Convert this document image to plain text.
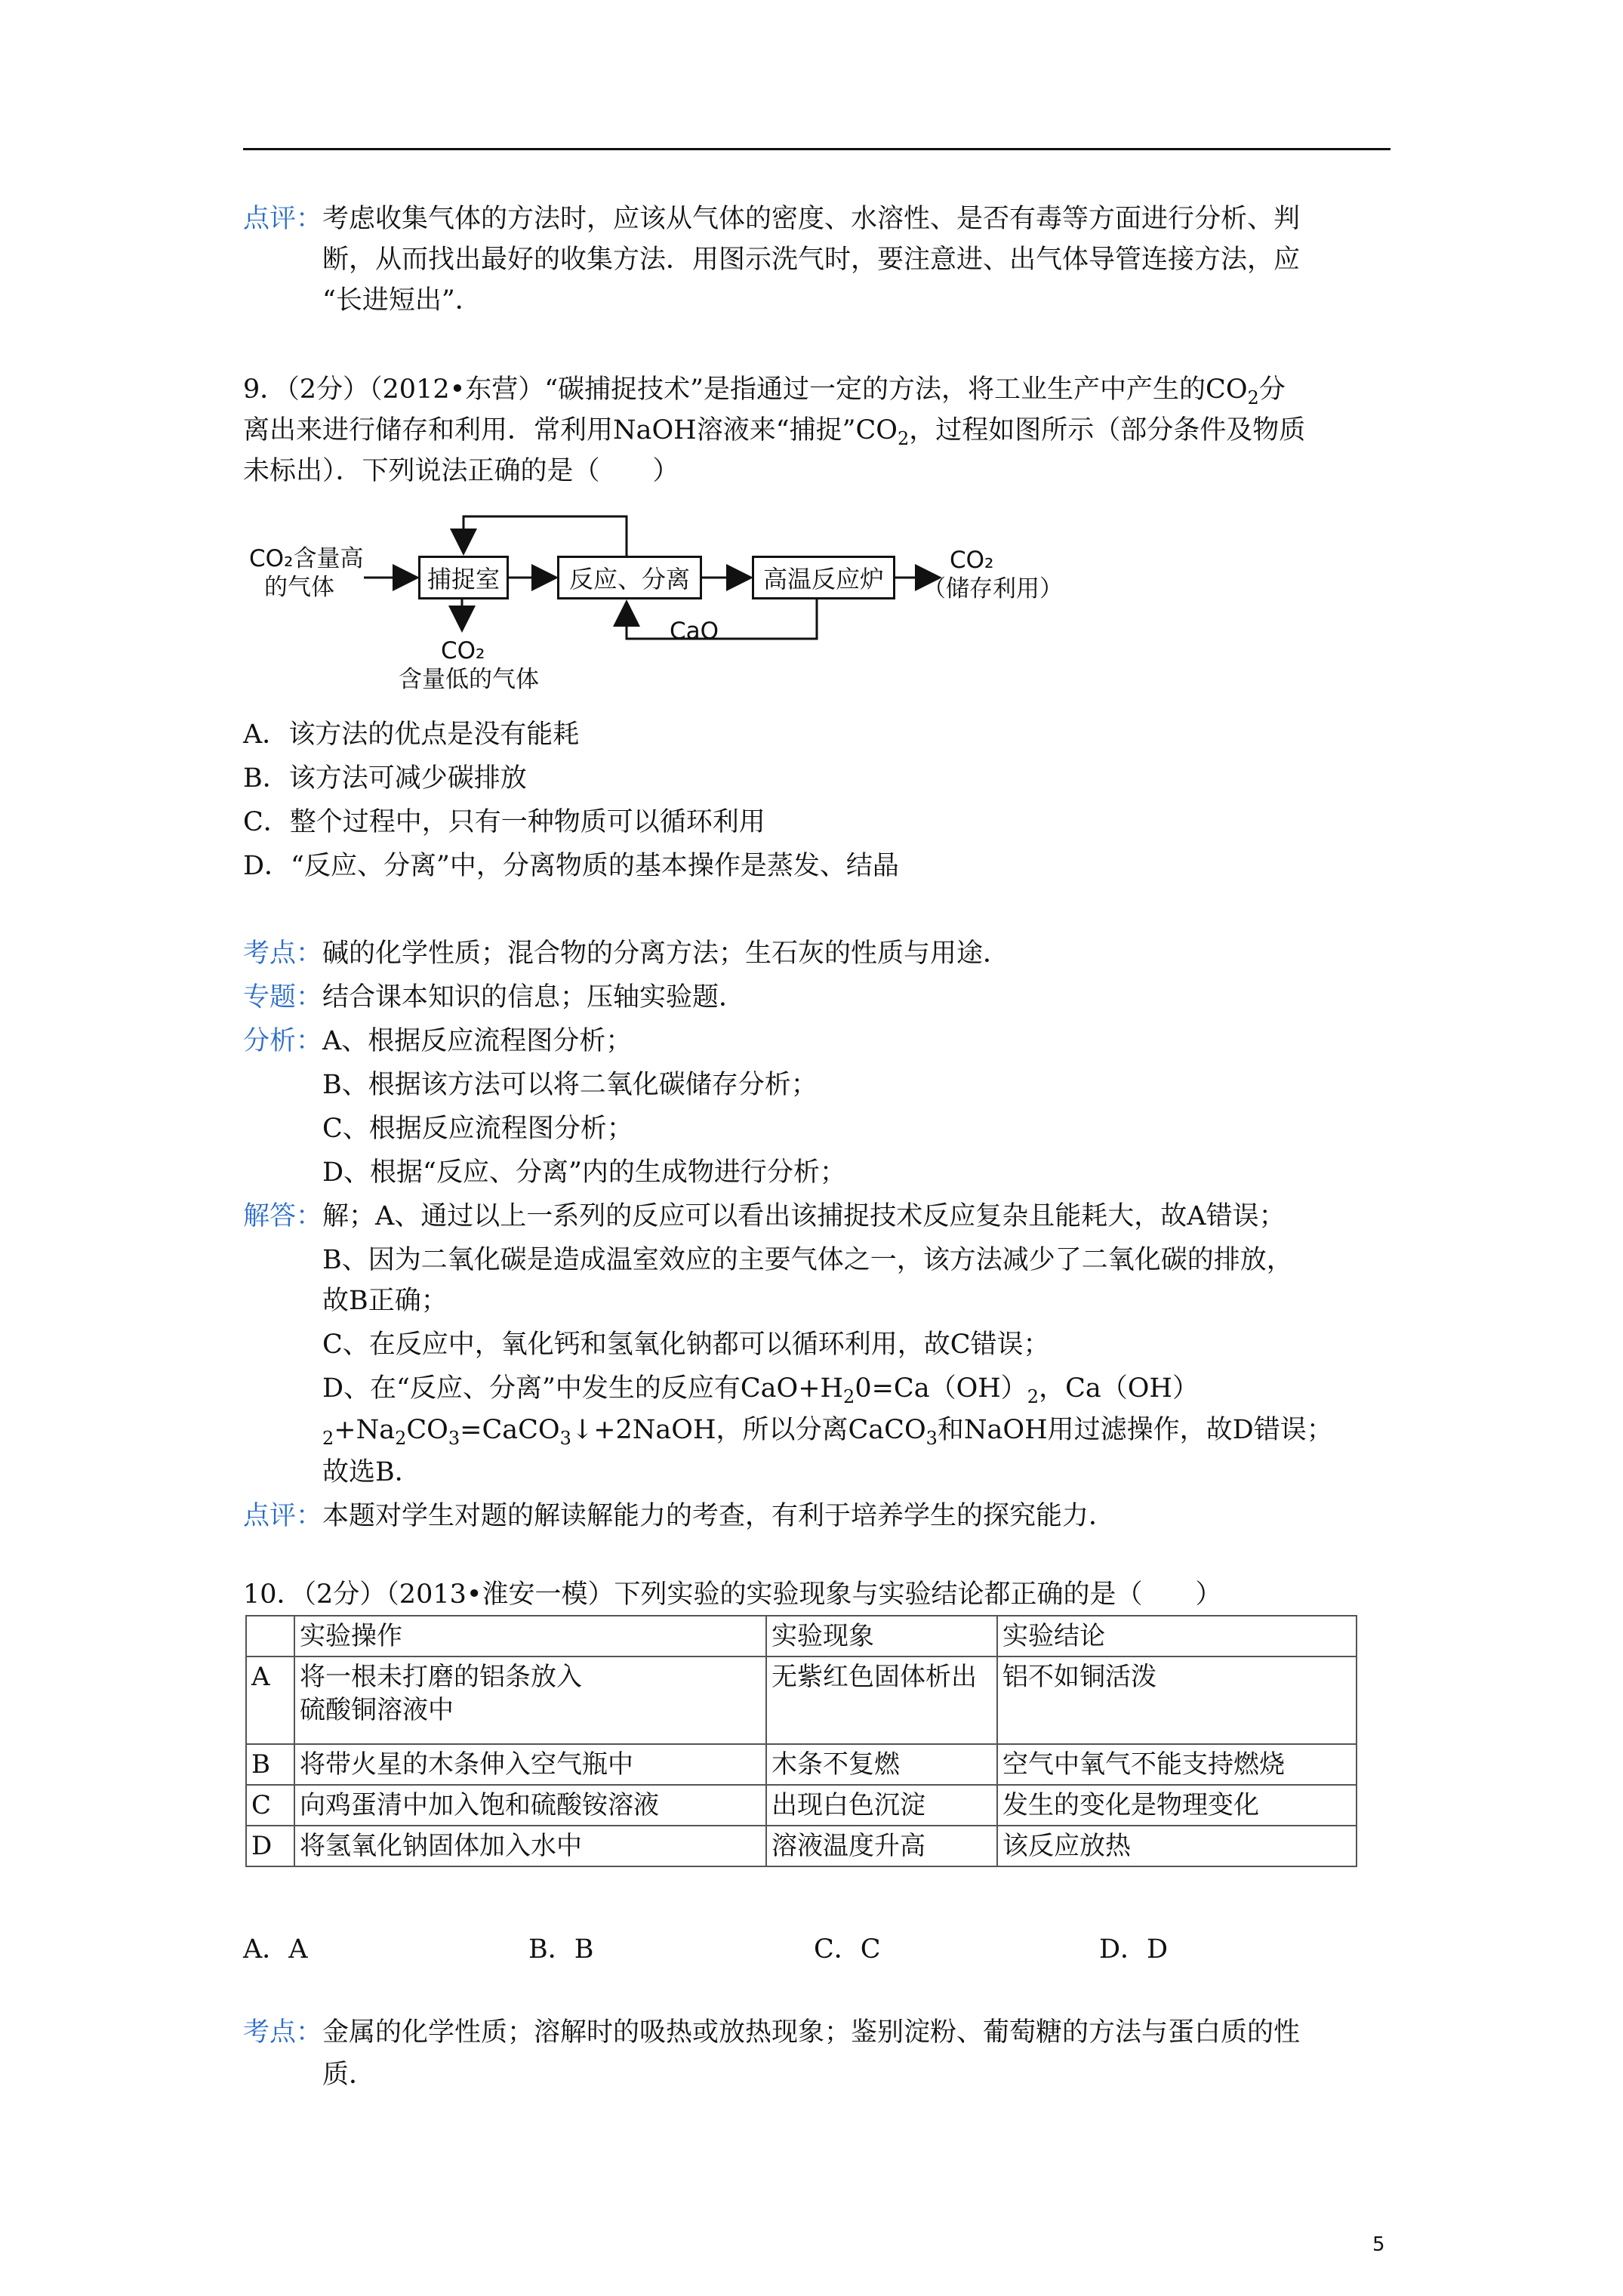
点评：考虑收集气体的方法时，应该从气体的密度、水溶性、是否有毒等方面进行分析、判
断，从而找出最好的收集方法．用图示洗气时，要注意进、出气体导管连接方法，应
“长进短出”．
9．（2分）（2012•东营）“碳捕捉技术”是指通过一定的方法，将工业生产中产生的$CO_2$分
离出来进行储存和利用．常利用NaOH溶液来“捕捉$”CO_2$，过程如图所示（部分条件及物质
未标出）．下列说法正确的是（　　）
CO₂含量高
的气体	捕捉室	反应、分离	高温反应炉
CO₂
（储存利用）
CaO
CO₂
含量低的气体
A．该方法的优点是没有能耗
B．该方法可减少碳排放
C．整个过程中，只有一种物质可以循环利用
D．“反应、分离”中，分离物质的基本操作是蒸发、结晶
考点：碱的化学性质；混合物的分离方法；生石灰的性质与用途．
专题：结合课本知识的信息；压轴实验题．
分析：A、根据反应流程图分析；
B、根据该方法可以将二氧化碳储存分析；
C、根据反应流程图分析；
D、根据“反应、分离”内的生成物进行分析；
解答：解；A、通过以上一系列的反应可以看出该捕捉技术反应复杂且能耗大，故A错误；
B、因为二氧化碳是造成温室效应的主要气体之一，该方法减少了二氧化碳的排放，
故B正确；
C、在反应中，氧化钙和氢氧化钠都可以循环利用，故C错误；
D、在“反应、分离”中发生的反应有$CaO+H_20=Ca(OH)_2$，Ca（OH）
$_2+Na_2CO_3=CaCO_3↓+2NaOH$，所以分离CaCO$_3$和NaOH用过滤操作，故D错误；
故选B．
点评：本题对学生对题的解读解能力的考查，有利于培养学生的探究能力．
10．（2分）（2013•淮安一模）下列实验的实验现象与实验结论都正确的是（　　）
	实验操作	实验现象	实验结论
A	将一根未打磨的铝条放入
硫酸铜溶液中	无紫红色固体析出	铝不如铜活泼
B	将带火星的木条伸入空气瓶中	木条不复燃	空气中氧气不能支持燃烧
C	向鸡蛋清中加入饱和硫酸铵溶液	出现白色沉淀	发生的变化是物理变化
D	将氢氧化钠固体加入水中	溶液温度升高	该反应放热
A．A	B．B	C．C	D．D
考点：金属的化学性质；溶解时的吸热或放热现象；鉴别淀粉、葡萄糖的方法与蛋白质的性
质．
5
